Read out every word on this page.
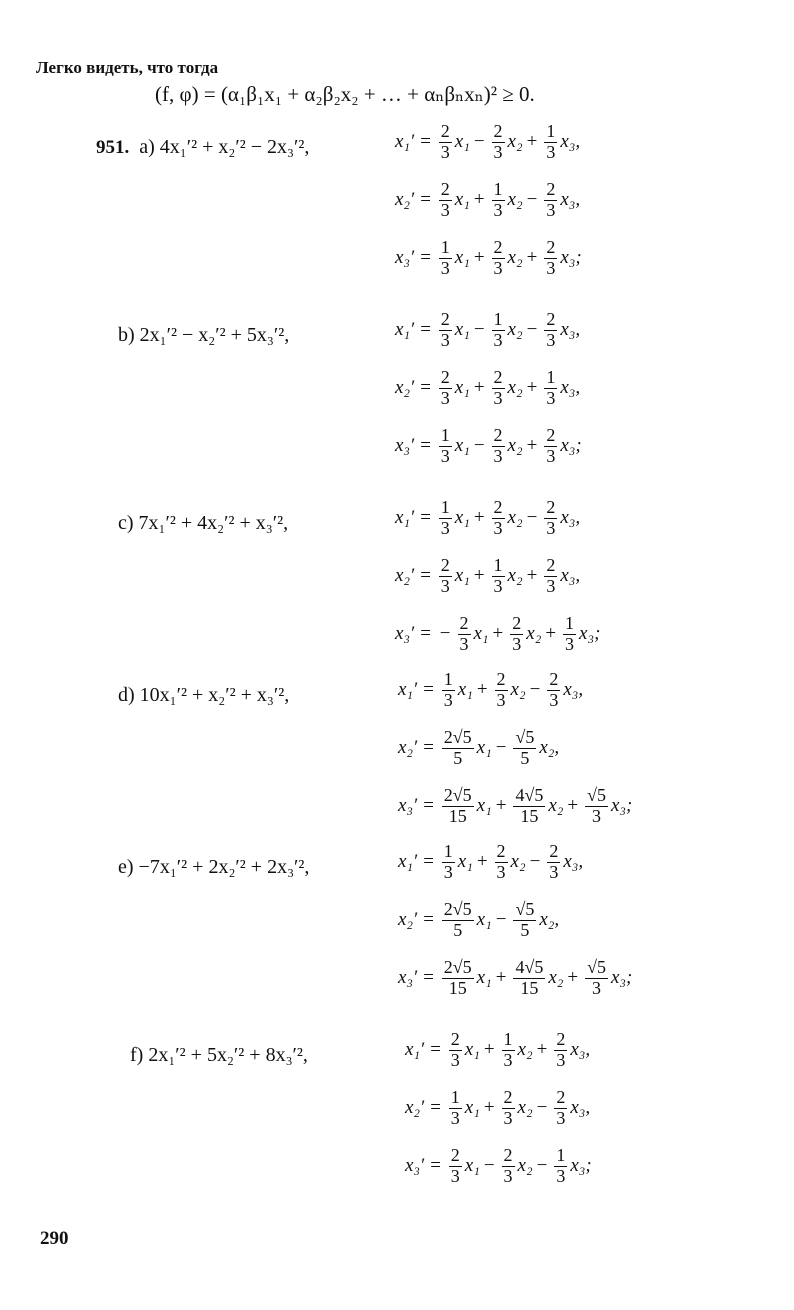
Легко видеть, что тогда
(f, φ) = (α₁β₁x₁ + α₂β₂x₂ + … + αₙβₙxₙ)² ≥ 0.
951. a) 4x₁′² + x₂′² − 2x₃′²,	$x_1' = \frac{2}{3} x_1 - \frac{2}{3} x_2 + \frac{1}{3} x_3$,
$x_2' = \frac{2}{3} x_1 + \frac{1}{3} x_2 - \frac{2}{3} x_3$,
$x_3' = \frac{1}{3} x_1 + \frac{2}{3} x_2 + \frac{2}{3} x_3$;
b) 2x₁′² − x₂′² + 5x₃′²,	$x_1' = \frac{2}{3} x_1 - \frac{1}{3} x_2 - \frac{2}{3} x_3$,
$x_2' = \frac{2}{3} x_1 + \frac{2}{3} x_2 + \frac{1}{3} x_3$,
$x_3' = \frac{1}{3} x_1 - \frac{2}{3} x_2 + \frac{2}{3} x_3$;
c) 7x₁′² + 4x₂′² + x₃′²,	$x_1' = \frac{1}{3} x_1 + \frac{2}{3} x_2 - \frac{2}{3} x_3$,
$x_2' = \frac{2}{3} x_1 + \frac{1}{3} x_2 + \frac{2}{3} x_3$,
x₃′ = − $\frac{2}{3} x_1 + \frac{2}{3} x_2 + \frac{1}{3} x_3$;
d) 10x₁′² + x₂′² + x₃′²,	$x_1' = \frac{1}{3} x_1 + \frac{2}{3} x_2 - \frac{2}{3} x_3$,
$x_2' = \frac{2√5}{5} x_1 - \frac{√5}{5} x_2$,
$x_3' = \frac{2√5}{15} x_1 + \frac{4√5}{15} x_2 + \frac{√5}{3} x_3$;
e) −7x₁′² + 2x₂′² + 2x₃′²,	$x_1' = \frac{1}{3} x_1 + \frac{2}{3} x_2 - \frac{2}{3} x_3$,
$x_2' = \frac{2√5}{5} x_1 - \frac{√5}{5} x_2$,
$x_3' = \frac{2√5}{15} x_1 + \frac{4√5}{15} x_2 + \frac{√5}{3} x_3$;
f) 2x₁′² + 5x₂′² + 8x₃′²,	$x_1' = \frac{2}{3} x_1 + \frac{1}{3} x_2 + \frac{2}{3} x_3$,
$x_2' = \frac{1}{3} x_1 + \frac{2}{3} x_2 - \frac{2}{3} x_3$,
$x_3' = \frac{2}{3} x_1 - \frac{2}{3} x_2 - \frac{1}{3} x_3$;
290
